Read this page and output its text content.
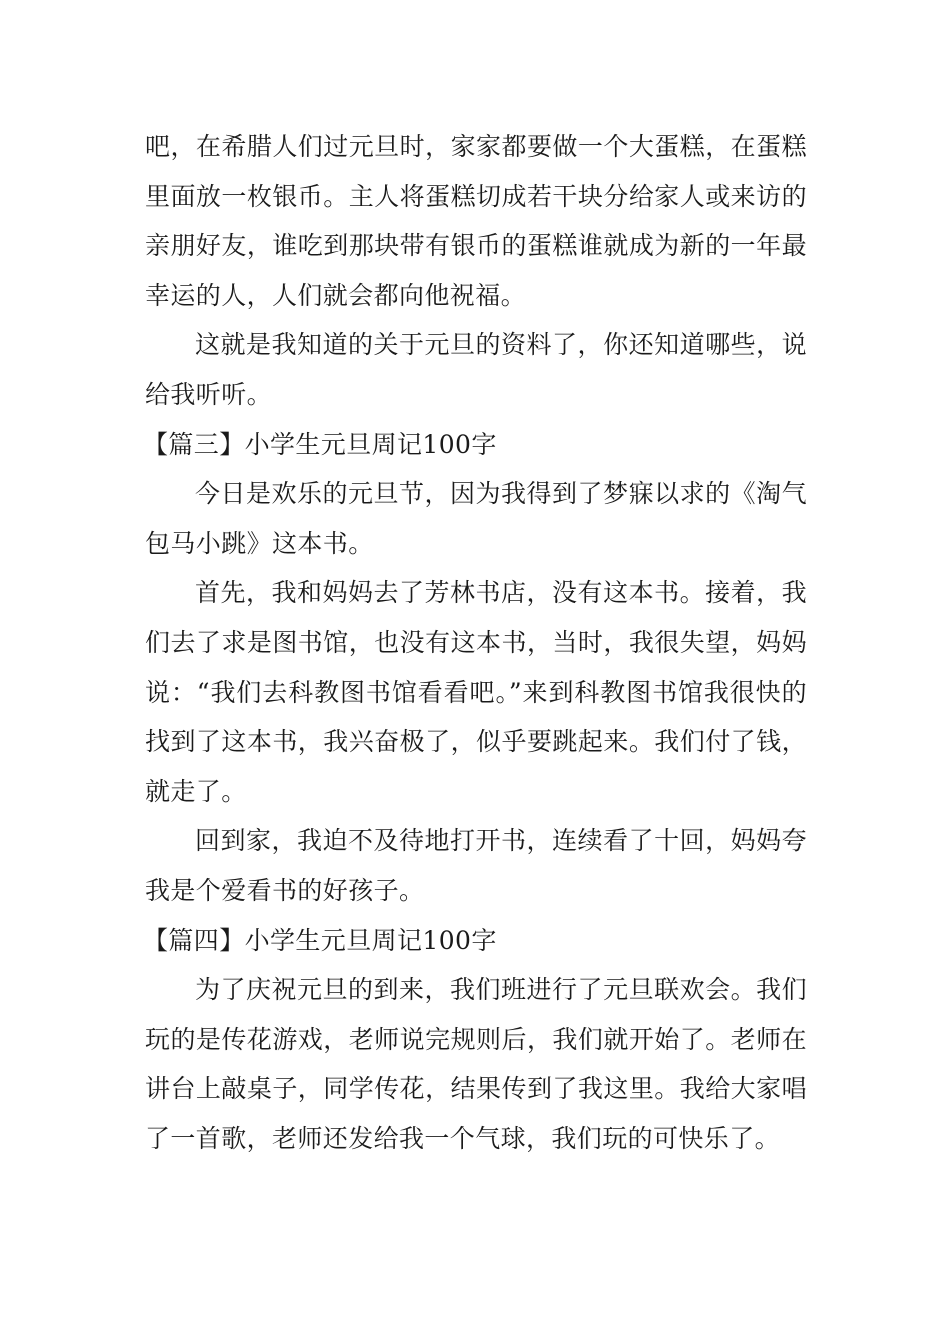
吧，在希腊人们过元旦时，家家都要做一个大蛋糕，在蛋糕里面放一枚银币。主人将蛋糕切成若干块分给家人或来访的亲朋好友，谁吃到那块带有银币的蛋糕谁就成为新的一年最幸运的人，人们就会都向他祝福。

这就是我知道的关于元旦的资料了，你还知道哪些，说给我听听。

【篇三】小学生元旦周记100字

今日是欢乐的元旦节，因为我得到了梦寐以求的《淘气包马小跳》这本书。

首先，我和妈妈去了芳林书店，没有这本书。接着，我们去了求是图书馆，也没有这本书，当时，我很失望，妈妈说：“我们去科教图书馆看看吧。”来到科教图书馆我很快的找到了这本书，我兴奋极了，似乎要跳起来。我们付了钱，就走了。

回到家，我迫不及待地打开书，连续看了十回，妈妈夸我是个爱看书的好孩子。

【篇四】小学生元旦周记100字

为了庆祝元旦的到来，我们班进行了元旦联欢会。我们玩的是传花游戏，老师说完规则后，我们就开始了。老师在讲台上敲桌子，同学传花，结果传到了我这里。我给大家唱了一首歌，老师还发给我一个气球，我们玩的可快乐了。
